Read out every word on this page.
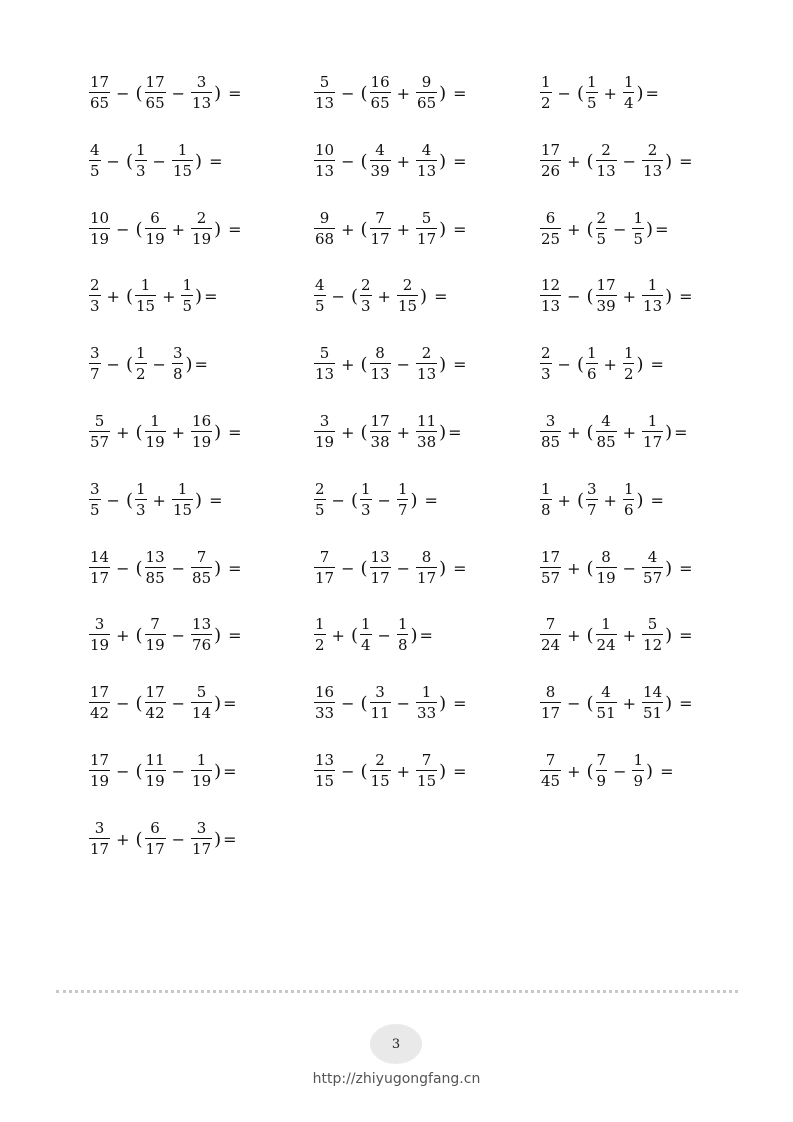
$\frac{17}{65}$ − ( $\frac{17}{65} - \frac{3}{13}$ ) =	$\frac{5}{13}$ − ( $\frac{16}{65} + \frac{9}{65}$ ) =	$\frac{1}{2}$ − ( $\frac{1}{5} + \frac{1}{4}$ ) =
$\frac{4}{5}$ − ( $\frac{1}{3} - \frac{1}{15}$ ) =	$\frac{10}{13}$ − ( $\frac{4}{39} + \frac{4}{13}$ ) =	$\frac{17}{26}$ + ( $\frac{2}{13} - \frac{2}{13}$ ) =
$\frac{10}{19}$ − ( $\frac{6}{19} + \frac{2}{19}$ ) =	$\frac{9}{68}$ + ( $\frac{7}{17} + \frac{5}{17}$ ) =	$\frac{6}{25}$ + ( $\frac{2}{5} - \frac{1}{5}$ ) =
$\frac{2}{3}$ + ( $\frac{1}{15} + \frac{1}{5}$ ) =	$\frac{4}{5}$ − ( $\frac{2}{3} + \frac{2}{15}$ ) =	$\frac{12}{13}$ − ( $\frac{17}{39} + \frac{1}{13}$ ) =
$\frac{3}{7}$ − ( $\frac{1}{2} - \frac{3}{8}$ ) =	$\frac{5}{13}$ + ( $\frac{8}{13} - \frac{2}{13}$ ) =	$\frac{2}{3}$ − ( $\frac{1}{6} + \frac{1}{2}$ ) =
$\frac{5}{57}$ + ( $\frac{1}{19} + \frac{16}{19}$ ) =	$\frac{3}{19}$ + ( $\frac{17}{38} + \frac{11}{38}$ ) =	$\frac{3}{85}$ + ( $\frac{4}{85} + \frac{1}{17}$ ) =
$\frac{3}{5}$ − ( $\frac{1}{3} + \frac{1}{15}$ ) =	$\frac{2}{5}$ − ( $\frac{1}{3} - \frac{1}{7}$ ) =	$\frac{1}{8}$ + ( $\frac{3}{7} + \frac{1}{6}$ ) =
$\frac{14}{17}$ − ( $\frac{13}{85} - \frac{7}{85}$ ) =	$\frac{7}{17}$ − ( $\frac{13}{17} - \frac{8}{17}$ ) =	$\frac{17}{57}$ + ( $\frac{8}{19} - \frac{4}{57}$ ) =
$\frac{3}{19}$ + ( $\frac{7}{19} - \frac{13}{76}$ ) =	$\frac{1}{2}$ + ( $\frac{1}{4} - \frac{1}{8}$ ) =	$\frac{7}{24}$ + ( $\frac{1}{24} + \frac{5}{12}$ ) =
$\frac{17}{42}$ − ( $\frac{17}{42} - \frac{5}{14}$ ) =	$\frac{16}{33}$ − ( $\frac{3}{11} - \frac{1}{33}$ ) =	$\frac{8}{17}$ − ( $\frac{4}{51} + \frac{14}{51}$ ) =
$\frac{17}{19}$ − ( $\frac{11}{19} - \frac{1}{19}$ ) =	$\frac{13}{15}$ − ( $\frac{2}{15} + \frac{7}{15}$ ) =	$\frac{7}{45}$ + ( $\frac{7}{9} - \frac{1}{9}$ ) =
$\frac{3}{17}$ + ( $\frac{6}{17} - \frac{3}{17}$ ) =
3
http://zhiyugongfang.cn
